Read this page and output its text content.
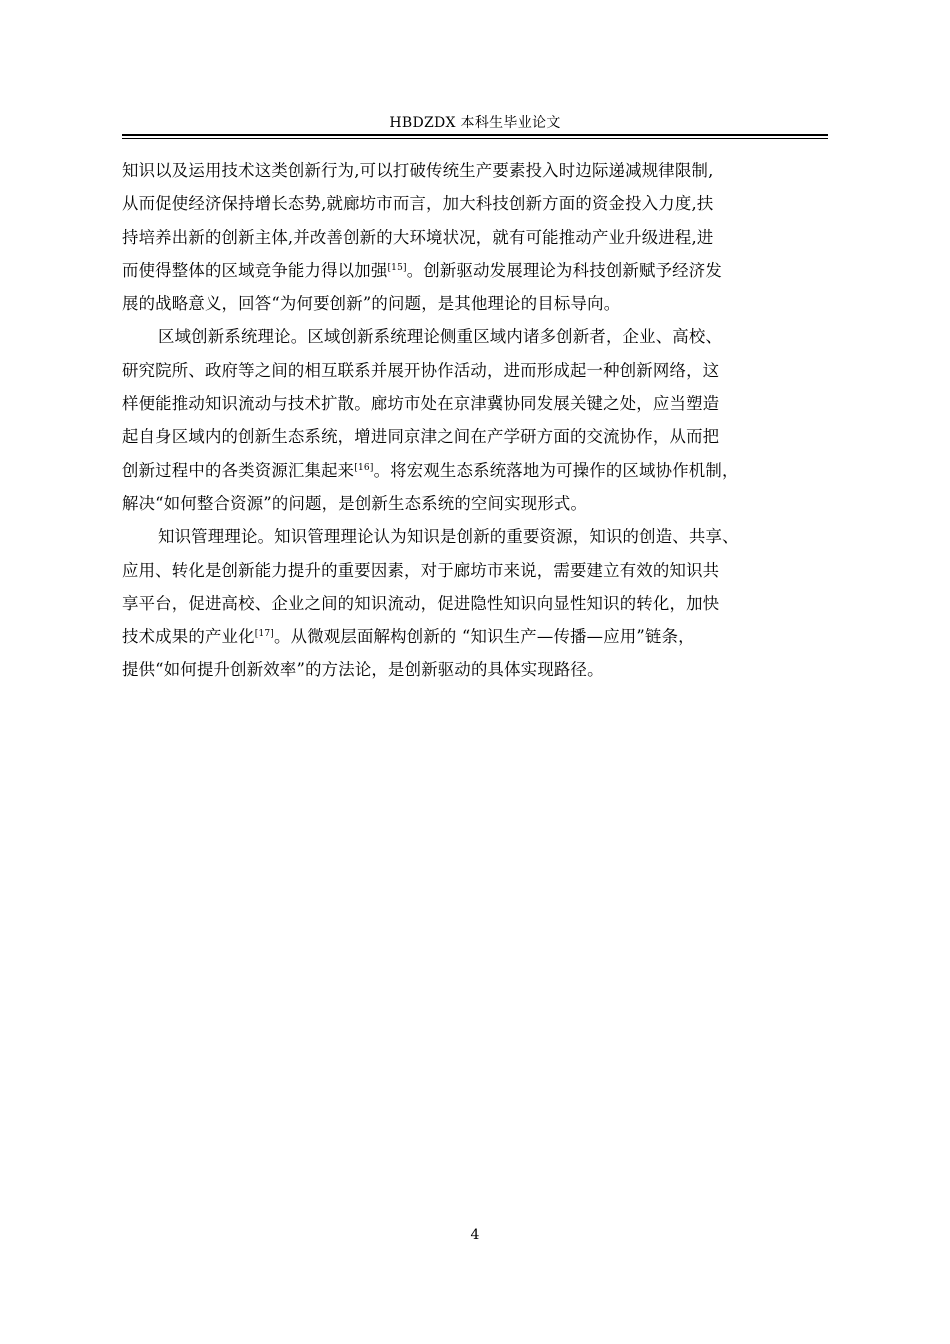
HBDZDX 本科生毕业论文
知识以及运用技术这类创新行为,可以打破传统生产要素投入时边际递减规律限制,
从而促使经济保持增长态势,就廊坊市而言，加大科技创新方面的资金投入力度,扶
持培养出新的创新主体,并改善创新的大环境状况，就有可能推动产业升级进程,进
而使得整体的区域竞争能力得以加强[15]。创新驱动发展理论为科技创新赋予经济发
展的战略意义，回答“为何要创新”的问题，是其他理论的目标导向。
区域创新系统理论。区域创新系统理论侧重区域内诸多创新者，企业、高校、
研究院所、政府等之间的相互联系并展开协作活动，进而形成起一种创新网络，这
样便能推动知识流动与技术扩散。廊坊市处在京津冀协同发展关键之处，应当塑造
起自身区域内的创新生态系统，增进同京津之间在产学研方面的交流协作，从而把
创新过程中的各类资源汇集起来[16]。将宏观生态系统落地为可操作的区域协作机制，
解决“如何整合资源”的问题，是创新生态系统的空间实现形式。
知识管理理论。知识管理理论认为知识是创新的重要资源，知识的创造、共享、
应用、转化是创新能力提升的重要因素，对于廊坊市来说，需要建立有效的知识共
享平台，促进高校、企业之间的知识流动，促进隐性知识向显性知识的转化，加快
技术成果的产业化[17]。从微观层面解构创新的 “知识生产—传播—应用”链条，
提供“如何提升创新效率”的方法论，是创新驱动的具体实现路径。
4
